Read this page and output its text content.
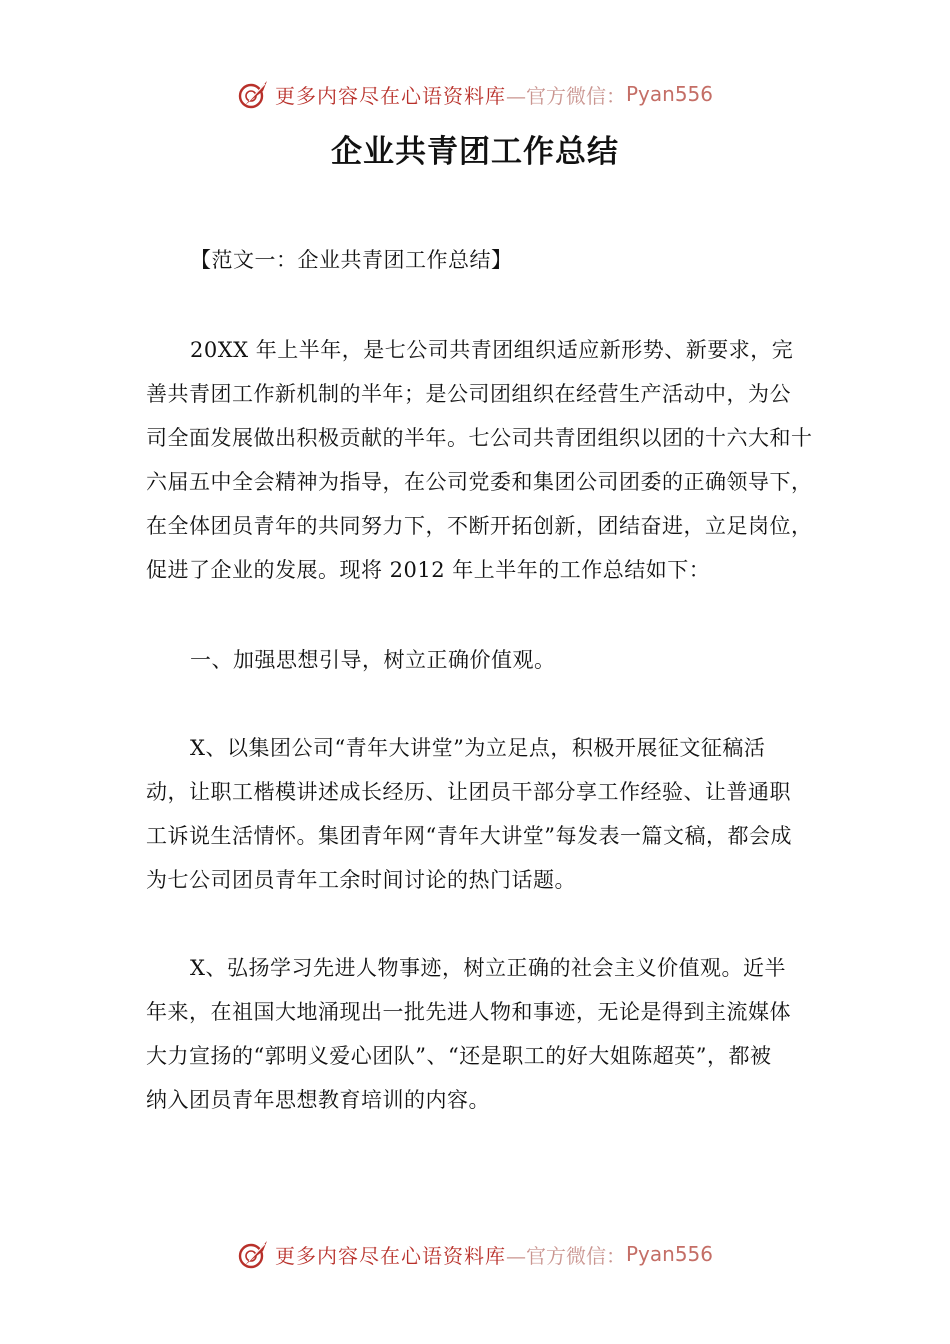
更多内容尽在心语资料库 —官方微信： Pyan556
企业共青团工作总结
【范文一：企业共青团工作总结】
20XX 年上半年，是七公司共青团组织适应新形势、新要求，完
善共青团工作新机制的半年；是公司团组织在经营生产活动中，为公
司全面发展做出积极贡献的半年。七公司共青团组织以团的十六大和十
六届五中全会精神为指导，在公司党委和集团公司团委的正确领导下，
在全体团员青年的共同努力下，不断开拓创新，团结奋进，立足岗位，
促进了企业的发展。现将 2012 年上半年的工作总结如下：
一、加强思想引导，树立正确价值观。
X、以集团公司“青年大讲堂”为立足点，积极开展征文征稿活
动，让职工楷模讲述成长经历、让团员干部分享工作经验、让普通职
工诉说生活情怀。集团青年网“青年大讲堂”每发表一篇文稿，都会成
为七公司团员青年工余时间讨论的热门话题。
X、弘扬学习先进人物事迹，树立正确的社会主义价值观。近半
年来，在祖国大地涌现出一批先进人物和事迹，无论是得到主流媒体
大力宣扬的“郭明义爱心团队”、“还是职工的好大姐陈超英”，都被
纳入团员青年思想教育培训的内容。
更多内容尽在心语资料库 —官方微信： Pyan556
